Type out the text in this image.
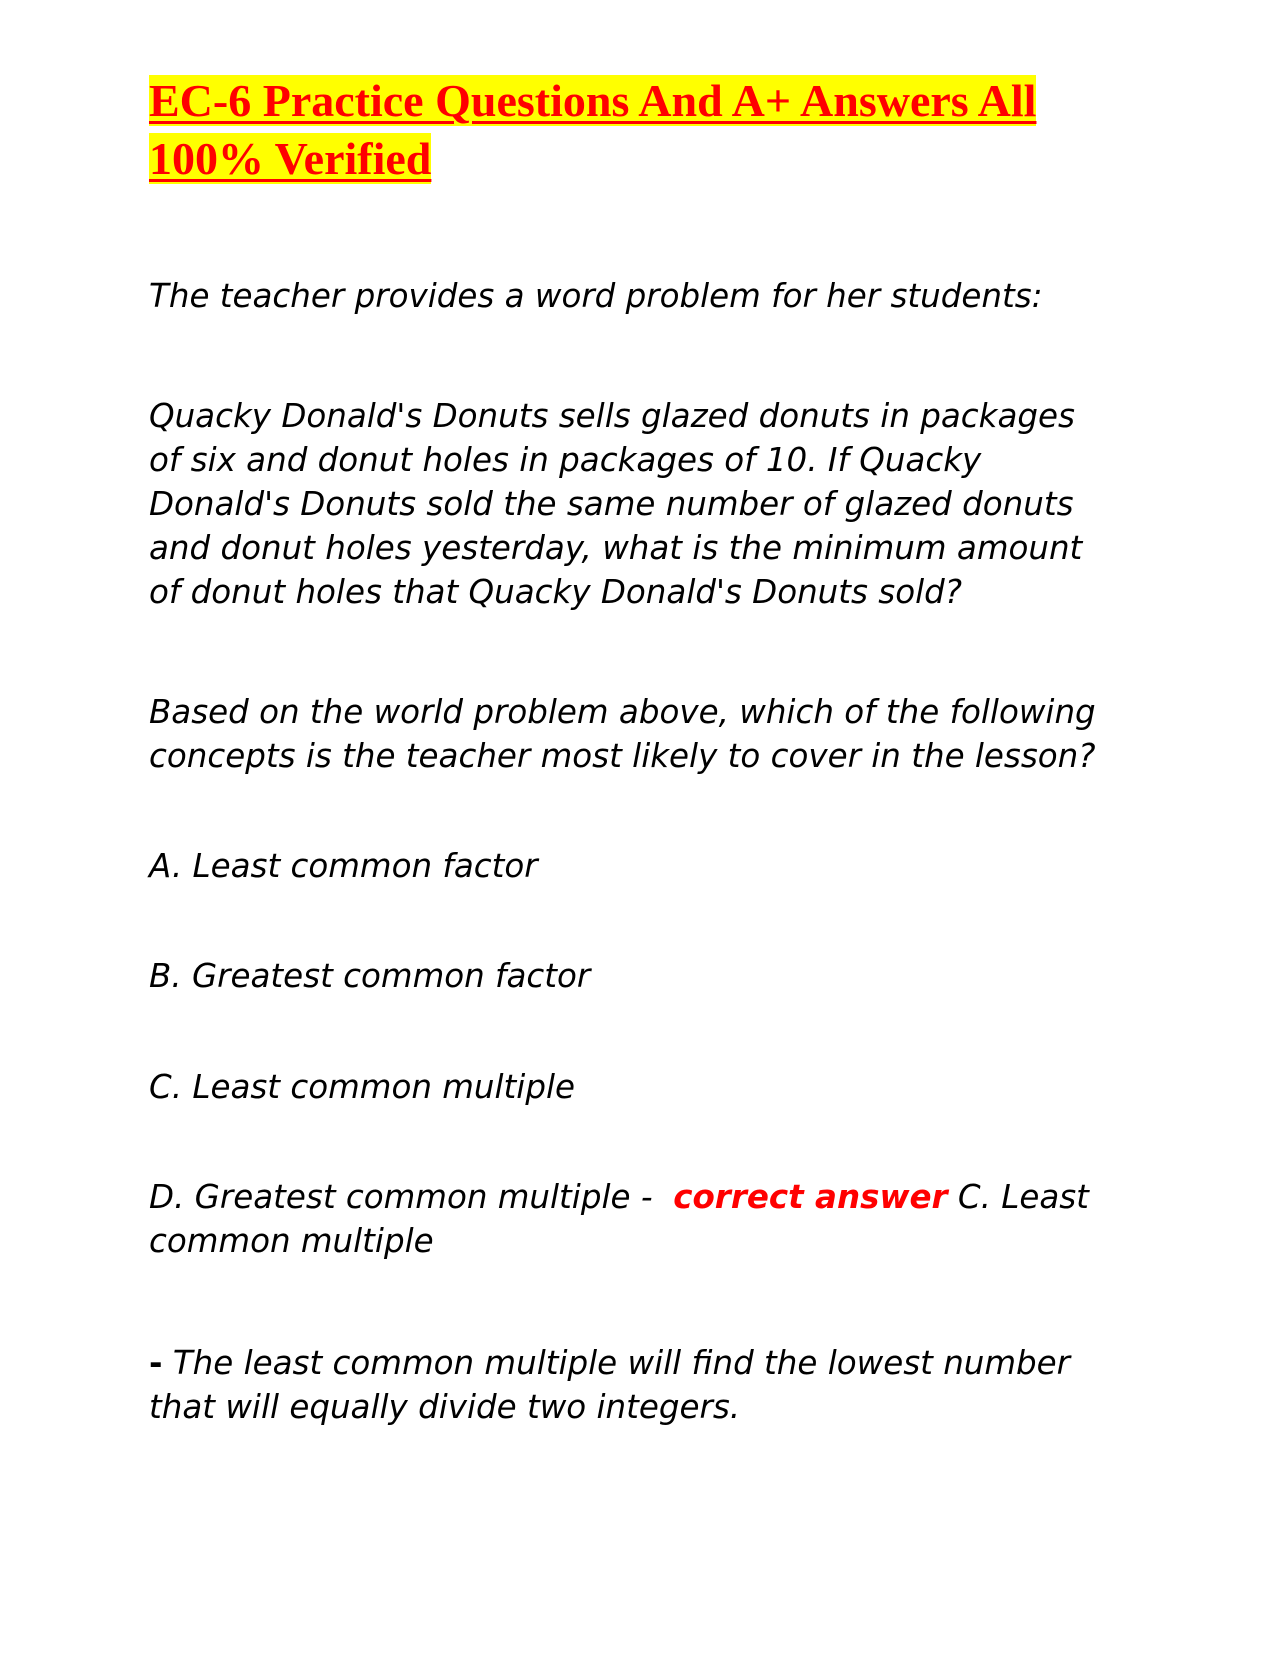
EC-6 Practice Questions And A+ Answers All
100% Verified

The teacher provides a word problem for her students:

Quacky Donald's Donuts sells glazed donuts in packages
of six and donut holes in packages of 10. If Quacky
Donald's Donuts sold the same number of glazed donuts
and donut holes yesterday, what is the minimum amount
of donut holes that Quacky Donald's Donuts sold?

Based on the world problem above, which of the following
concepts is the teacher most likely to cover in the lesson?

A. Least common factor

B. Greatest common factor

C. Least common multiple

D. Greatest common multiple - correct answer C. Least
common multiple

- The least common multiple will find the lowest number
that will equally divide two integers.
